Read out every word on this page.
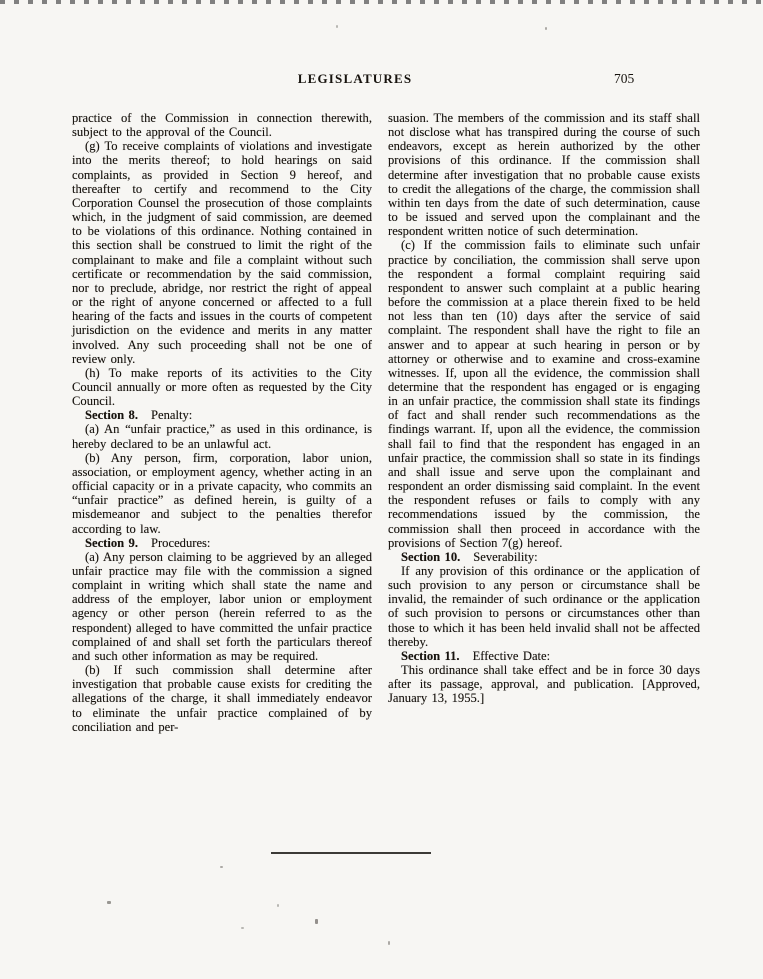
LEGISLATURES	705

practice of the Commission in connection therewith, subject to the approval of the Council.

(g) To receive complaints of violations and investigate into the merits thereof; to hold hearings on said complaints, as provided in Section 9 hereof, and thereafter to certify and recommend to the City Corporation Counsel the prosecution of those complaints which, in the judgment of said commission, are deemed to be violations of this ordinance. Nothing contained in this section shall be construed to limit the right of the complainant to make and file a complaint without such certificate or recommendation by the said commission, nor to preclude, abridge, nor restrict the right of appeal or the right of anyone concerned or affected to a full hearing of the facts and issues in the courts of competent jurisdiction on the evidence and merits in any matter involved. Any such proceeding shall not be one of review only.

(h) To make reports of its activities to the City Council annually or more often as requested by the City Council.

Section 8. Penalty:

(a) An “unfair practice,” as used in this ordinance, is hereby declared to be an unlawful act.

(b) Any person, firm, corporation, labor union, association, or employment agency, whether acting in an official capacity or in a private capacity, who commits an “unfair practice” as defined herein, is guilty of a misdemeanor and subject to the penalties therefor according to law.

Section 9. Procedures:

(a) Any person claiming to be aggrieved by an alleged unfair practice may file with the commission a signed complaint in writing which shall state the name and address of the employer, labor union or employment agency or other person (herein referred to as the respondent) alleged to have committed the unfair practice complained of and shall set forth the particulars thereof and such other information as may be required.

(b) If such commission shall determine after investigation that probable cause exists for crediting the allegations of the charge, it shall immediately endeavor to eliminate the unfair practice complained of by conciliation and per-

suasion. The members of the commission and its staff shall not disclose what has transpired during the course of such endeavors, except as herein authorized by the other provisions of this ordinance. If the commission shall determine after investigation that no probable cause exists to credit the allegations of the charge, the commission shall within ten days from the date of such determination, cause to be issued and served upon the complainant and the respondent written notice of such determination.

(c) If the commission fails to eliminate such unfair practice by conciliation, the commission shall serve upon the respondent a formal complaint requiring said respondent to answer such complaint at a public hearing before the commission at a place therein fixed to be held not less than ten (10) days after the service of said complaint. The respondent shall have the right to file an answer and to appear at such hearing in person or by attorney or otherwise and to examine and cross-examine witnesses. If, upon all the evidence, the commission shall determine that the respondent has engaged or is engaging in an unfair practice, the commission shall state its findings of fact and shall render such recommendations as the findings warrant. If, upon all the evidence, the commission shall fail to find that the respondent has engaged in an unfair practice, the commission shall so state in its findings and shall issue and serve upon the complainant and respondent an order dismissing said complaint. In the event the respondent refuses or fails to comply with any recommendations issued by the commission, the commission shall then proceed in accordance with the provisions of Section 7(g) hereof.

Section 10. Severability:

If any provision of this ordinance or the application of such provision to any person or circumstance shall be invalid, the remainder of such ordinance or the application of such provision to persons or circumstances other than those to which it has been held invalid shall not be affected thereby.

Section 11. Effective Date:

This ordinance shall take effect and be in force 30 days after its passage, approval, and publication. [Approved, January 13, 1955.]
